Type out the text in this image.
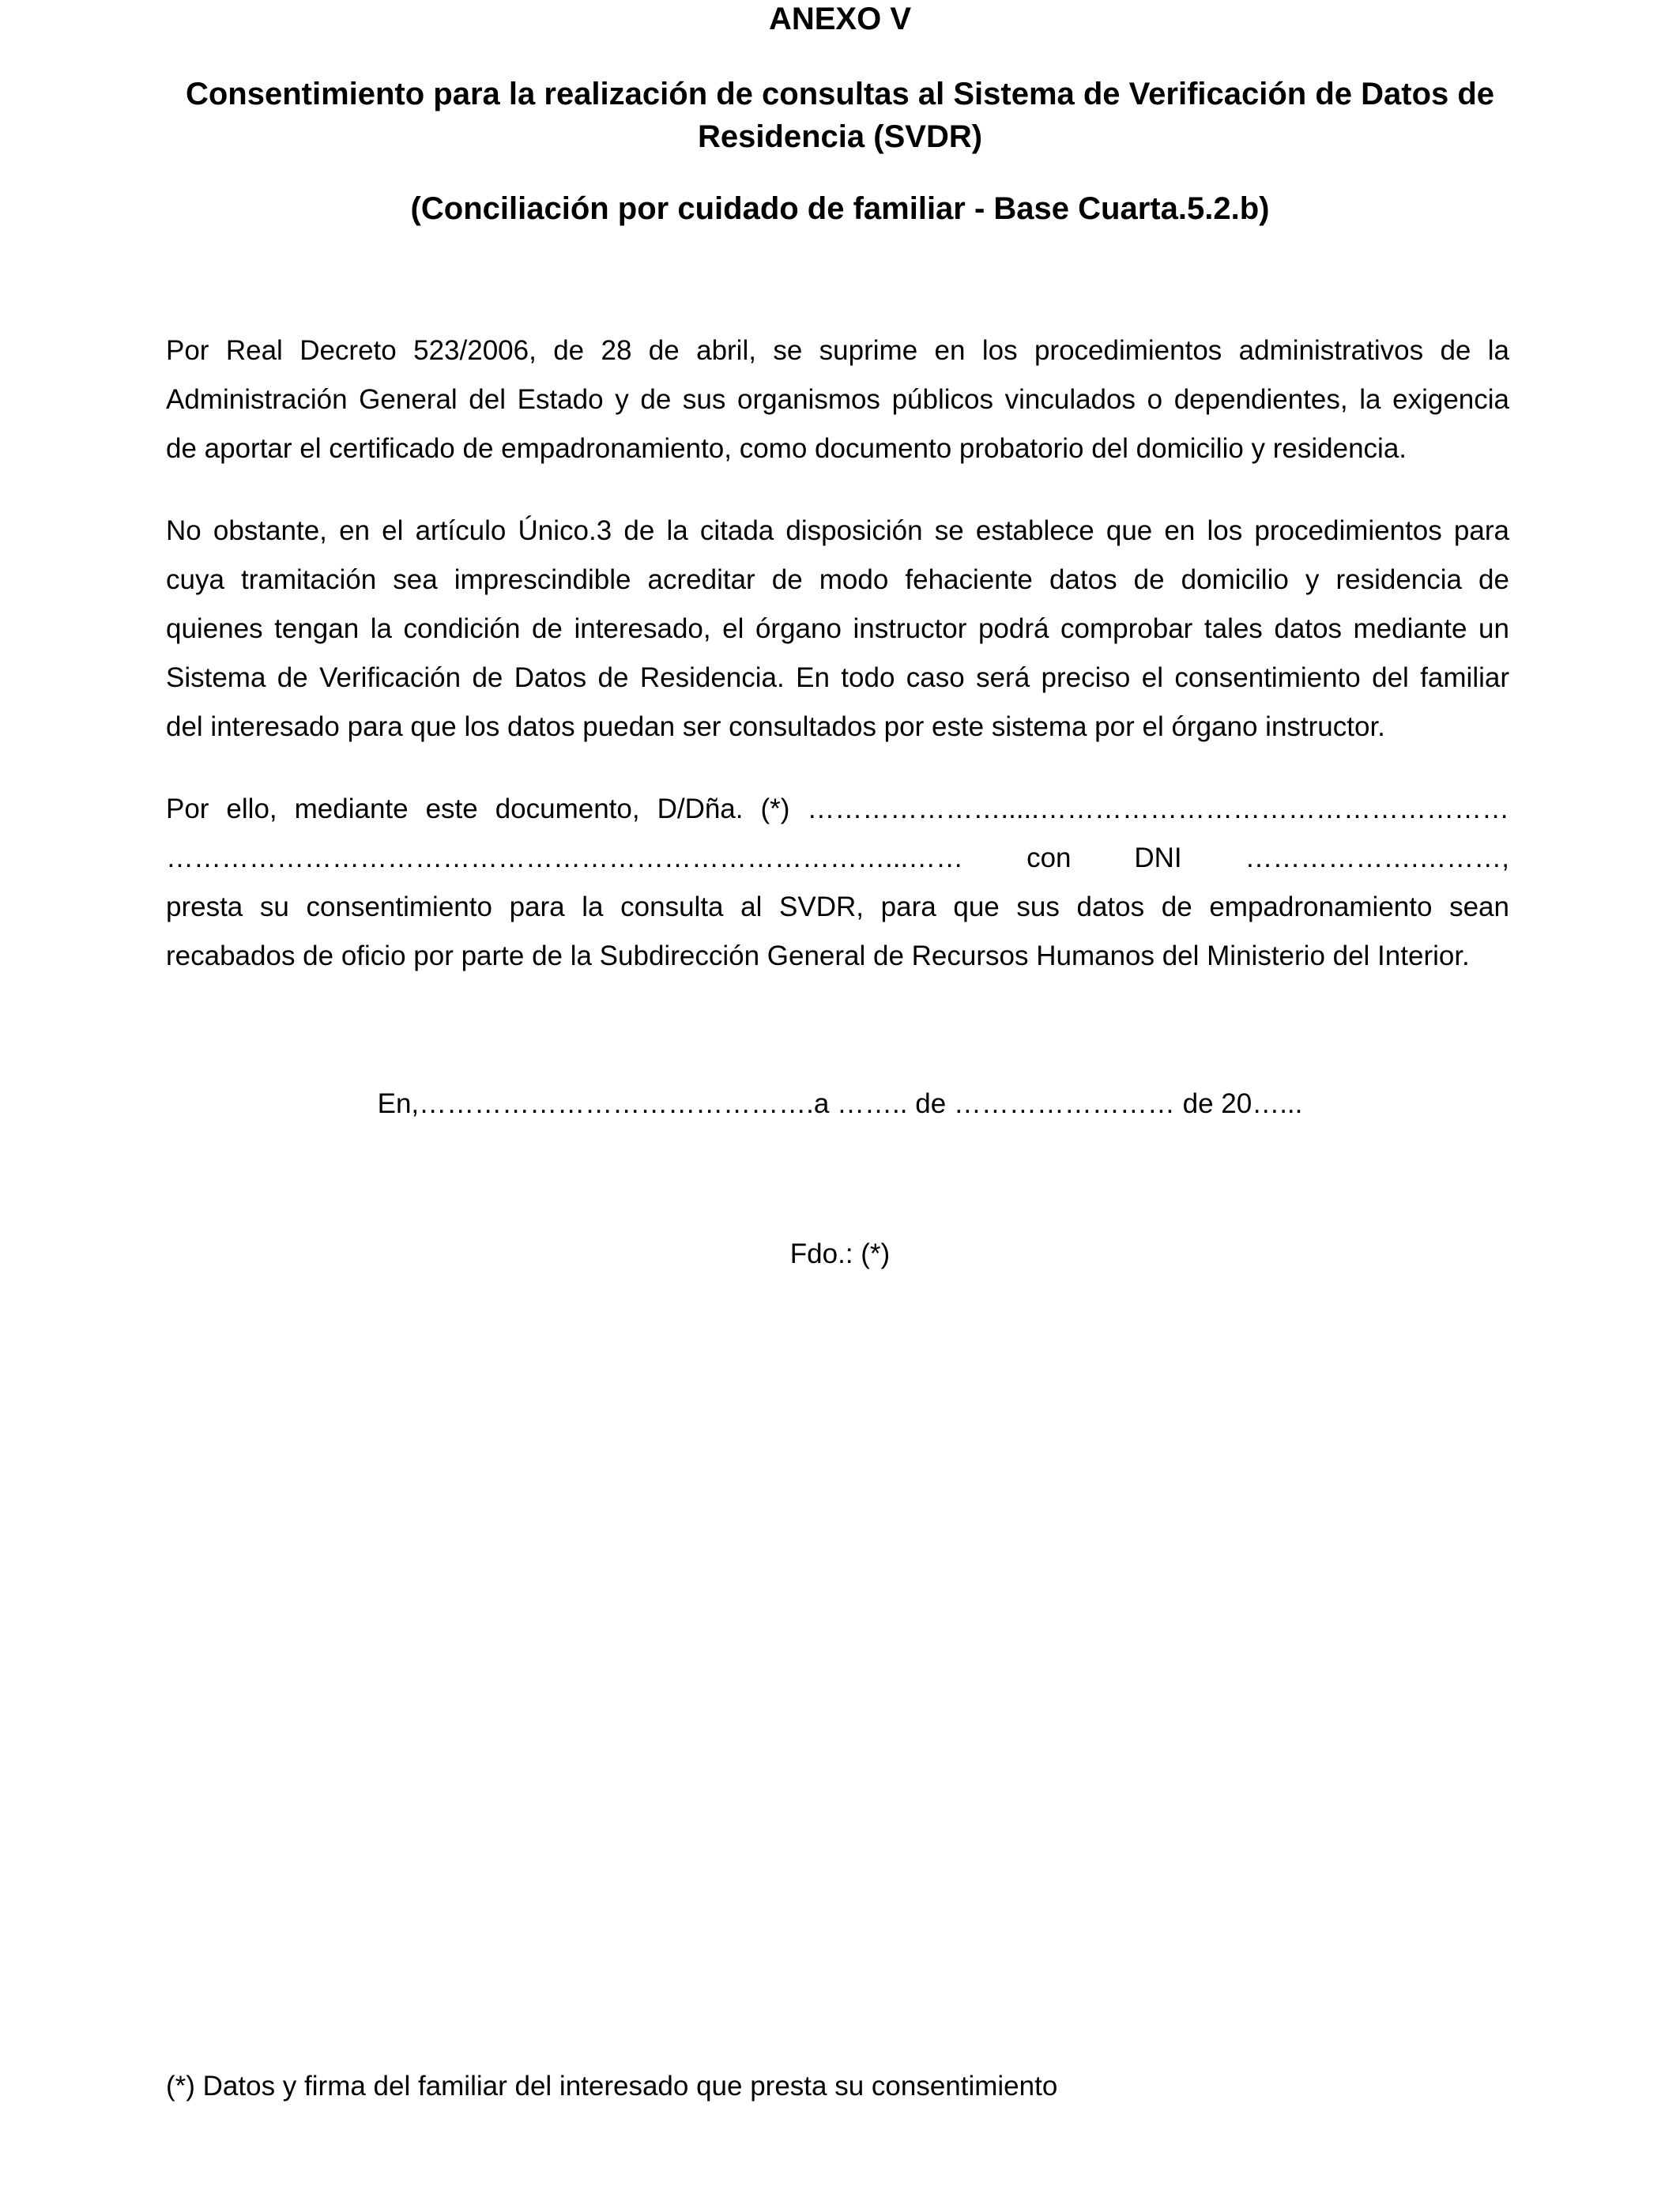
ANEXO V
Consentimiento para la realización de consultas al Sistema de Verificación de Datos de Residencia (SVDR)
(Conciliación por cuidado de familiar - Base Cuarta.5.2.b)
Por Real Decreto 523/2006, de 28 de abril, se suprime en los procedimientos administrativos de la
Administración General del Estado y de sus organismos públicos vinculados o dependientes, la exigencia
de aportar el certificado de empadronamiento, como documento probatorio del domicilio y residencia.
No obstante, en el artículo Único.3 de la citada disposición se establece que en los procedimientos para
cuya tramitación sea imprescindible acreditar de modo fehaciente datos de domicilio y residencia de
quienes tengan la condición de interesado, el órgano instructor podrá comprobar tales datos mediante un
Sistema de Verificación de Datos de Residencia. En todo caso será preciso el consentimiento del familiar
del interesado para que los datos puedan ser consultados por este sistema por el órgano instructor.
Por ello, mediante este documento, D/Dña. (*) ………………….....……………………………………………
……………………………………………………………………...…… con DNI ……………….………,
presta su consentimiento para la consulta al SVDR, para que sus datos de empadronamiento sean
recabados de oficio por parte de la Subdirección General de Recursos Humanos del Ministerio del Interior.
En,…………………………………….a …….. de …………………… de 20…...
Fdo.: (*)
(*) Datos y firma del familiar del interesado que presta su consentimiento
